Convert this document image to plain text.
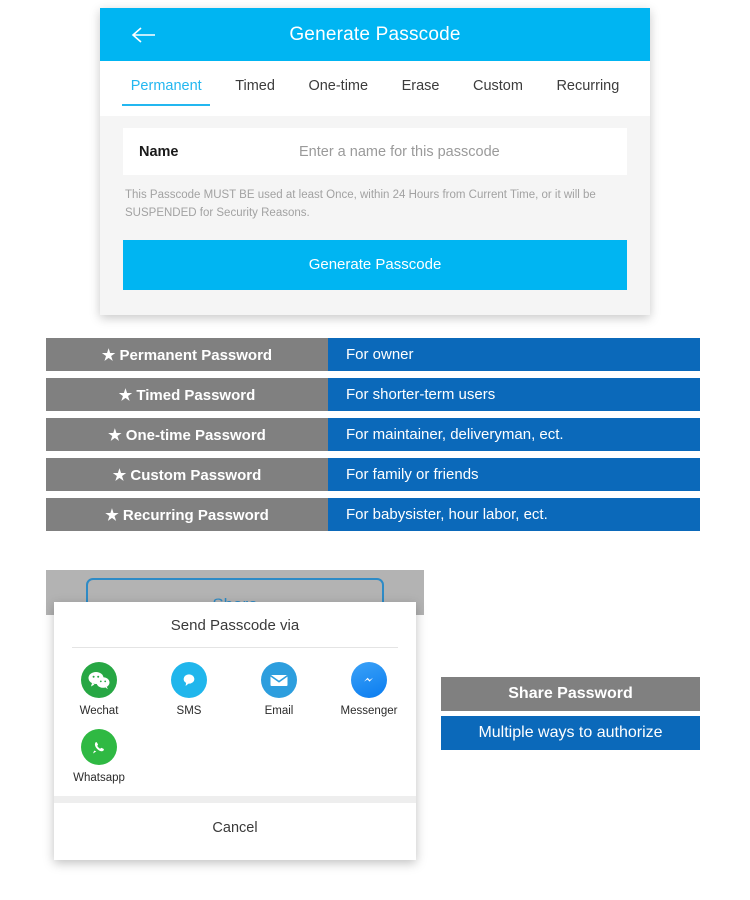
Generate Passcode
Permanent	Timed	One-time	Erase	Custom	Recurring
Name	Enter a name for this passcode
This Passcode MUST BE used at least Once, within 24 Hours from Current Time, or it will be SUSPENDED for Security Reasons.
Generate Passcode
★ Permanent Password	For owner
★ Timed Password	For shorter-term users
★ One-time Password	For maintainer, deliveryman, ect.
★ Custom Password	For family or friends
★ Recurring Password	For babysister, hour labor, ect.
Send Passcode via
Wechat	SMS	Email	Messenger
Whatsapp
Cancel
Share Password
Multiple ways to authorize
